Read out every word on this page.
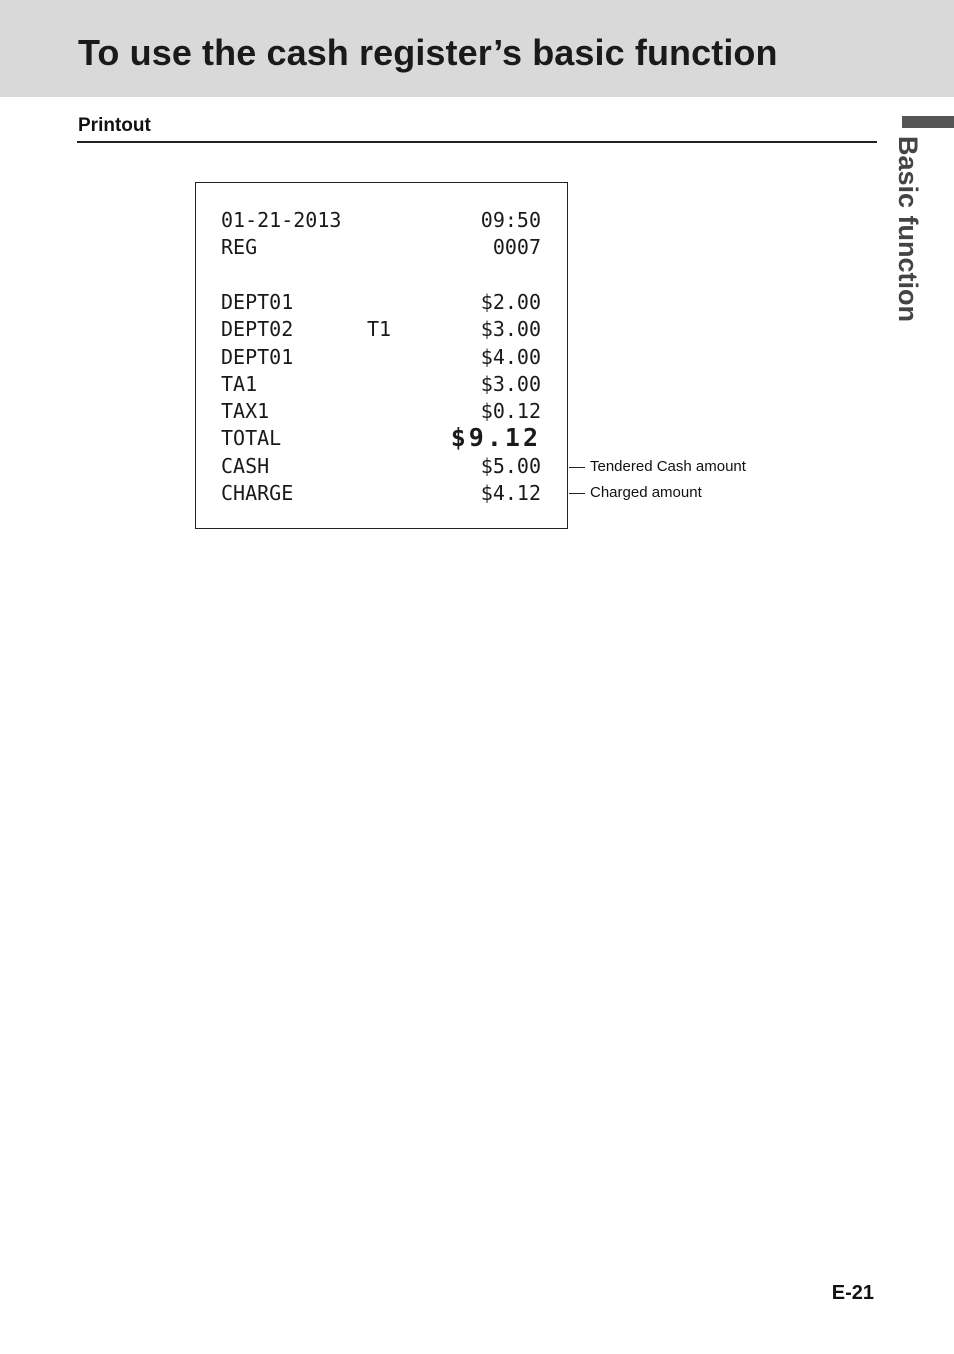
To use the cash register’s basic function
Basic function
Printout
01-21-2013	09:50
REG	0007
DEPT01	$2.00
DEPT02	T1	$3.00
DEPT01	$4.00
TA1	$3.00
TAX1	$0.12
TOTAL	$9.12
CASH	$5.00
CHARGE	$4.12
Tendered Cash amount
Charged amount
E-21
